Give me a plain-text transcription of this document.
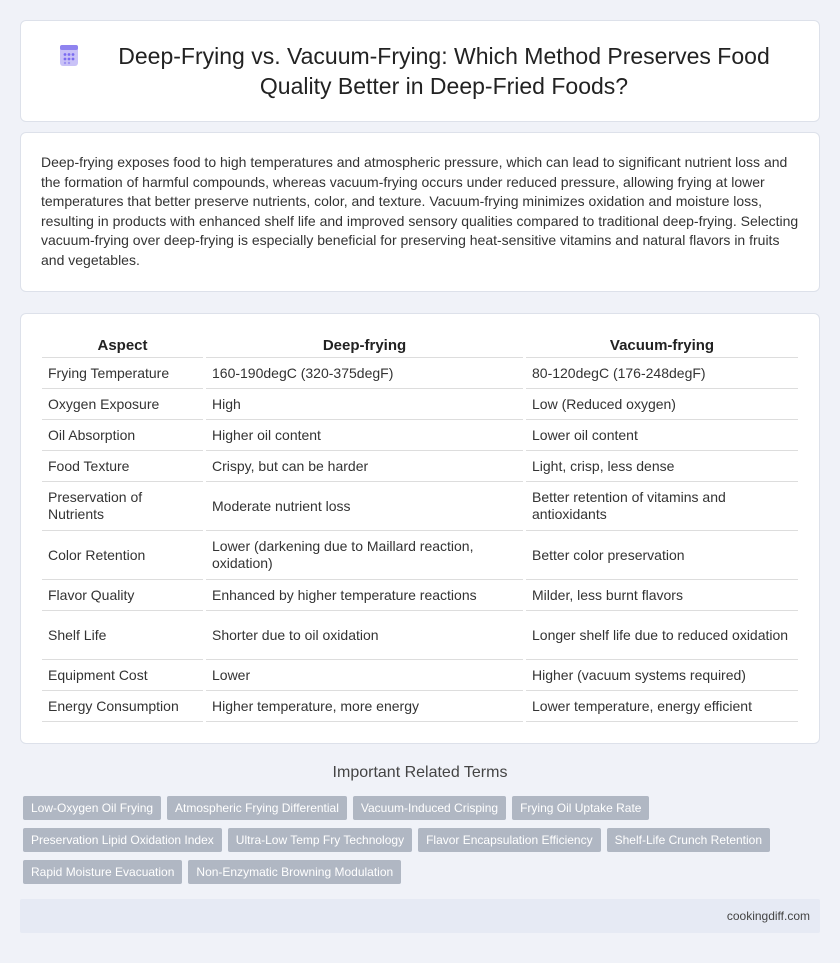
Deep-Frying vs. Vacuum-Frying: Which Method Preserves Food Quality Better in Deep-Fried Foods?

Deep-frying exposes food to high temperatures and atmospheric pressure, which can lead to significant nutrient loss and the formation of harmful compounds, whereas vacuum-frying occurs under reduced pressure, allowing frying at lower temperatures that better preserve nutrients, color, and texture. Vacuum-frying minimizes oxidation and moisture loss, resulting in products with enhanced shelf life and improved sensory qualities compared to traditional deep-frying. Selecting vacuum-frying over deep-frying is especially beneficial for preserving heat-sensitive vitamins and natural flavors in fruits and vegetables.

Aspect	Deep-frying	Vacuum-frying
Frying Temperature	160-190degC (320-375degF)	80-120degC (176-248degF)
Oxygen Exposure	High	Low (Reduced oxygen)
Oil Absorption	Higher oil content	Lower oil content
Food Texture	Crispy, but can be harder	Light, crisp, less dense
Preservation of Nutrients	Moderate nutrient loss	Better retention of vitamins and antioxidants
Color Retention	Lower (darkening due to Maillard reaction, oxidation)	Better color preservation
Flavor Quality	Enhanced by higher temperature reactions	Milder, less burnt flavors
Shelf Life	Shorter due to oil oxidation	Longer shelf life due to reduced oxidation
Equipment Cost	Lower	Higher (vacuum systems required)
Energy Consumption	Higher temperature, more energy	Lower temperature, energy efficient
Important Related Terms
Low-Oxygen Oil Frying	Atmospheric Frying Differential	Vacuum-Induced Crisping	Frying Oil Uptake Rate
Preservation Lipid Oxidation Index	Ultra-Low Temp Fry Technology	Flavor Encapsulation Efficiency	Shelf-Life Crunch Retention
Rapid Moisture Evacuation	Non-Enzymatic Browning Modulation
cookingdiff.com
